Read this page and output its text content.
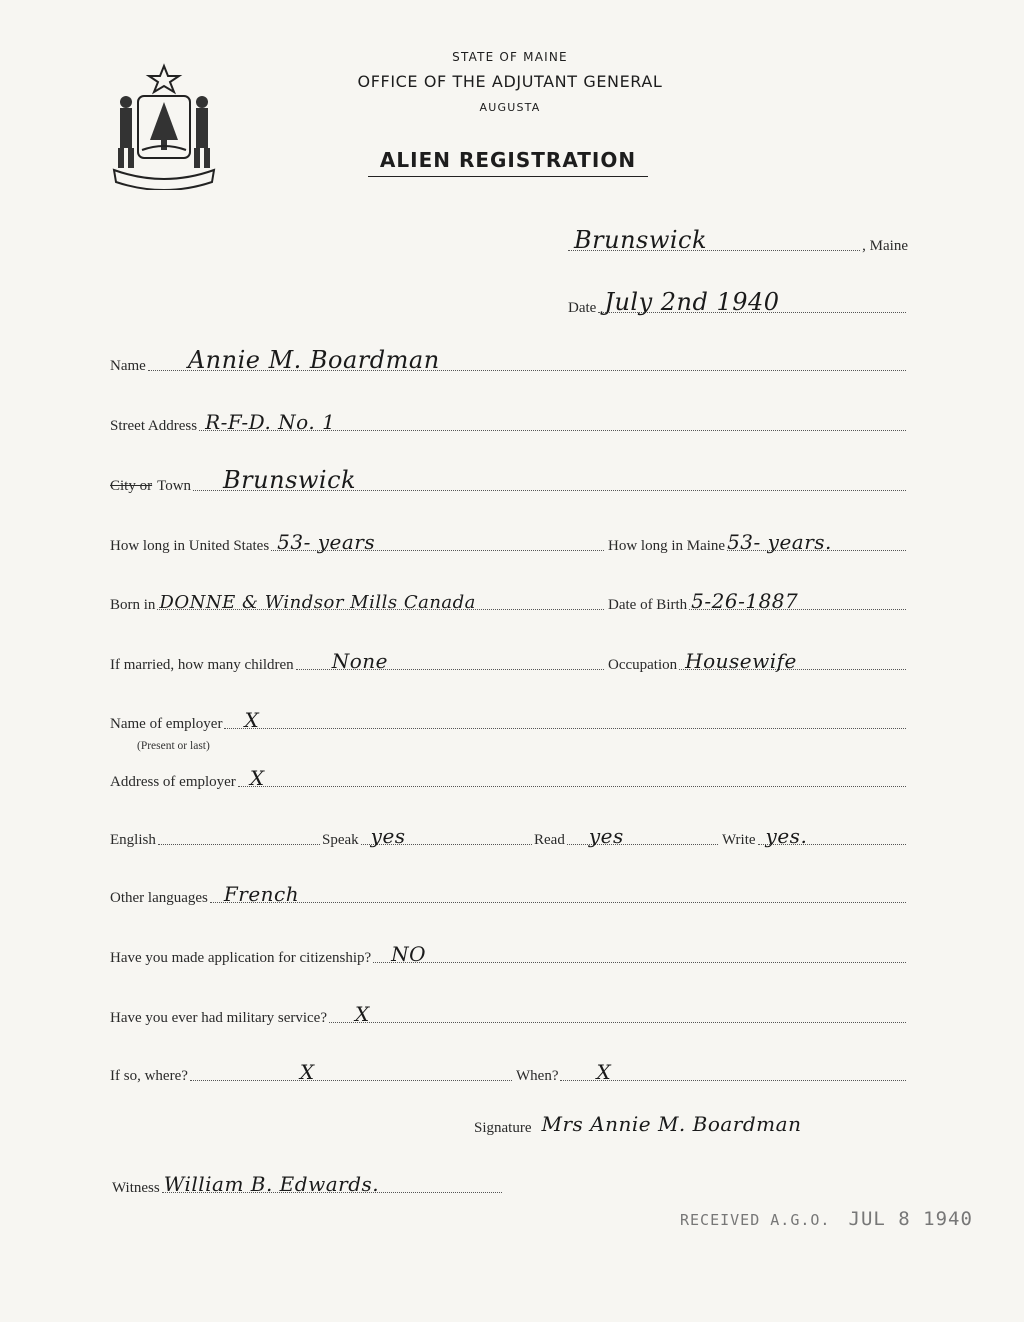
STATE OF MAINE
OFFICE OF THE ADJUTANT GENERAL
AUGUSTA
ALIEN REGISTRATION
Brunswick	, Maine
Date July 2nd 1940
Name Annie M. Boardman
Street Address R-F-D. No. 1
City or Town Brunswick
How long in United States 53- years	How long in Maine 53- years.
Born in DONNE & Windsor Mills Canada	Date of Birth 5-26-1887
If married, how many children None	Occupation Housewife
Name of employer X
(Present or last)
Address of employer X
English	Speak yes	Read yes	Write yes.
Other languages French
Have you made application for citizenship? NO
Have you ever had military service? X
If so, where?	X	When? X
Signature Mrs Annie M. Boardman
Witness William B. Edwards.
RECEIVED A.G.O. JUL 8 1940
